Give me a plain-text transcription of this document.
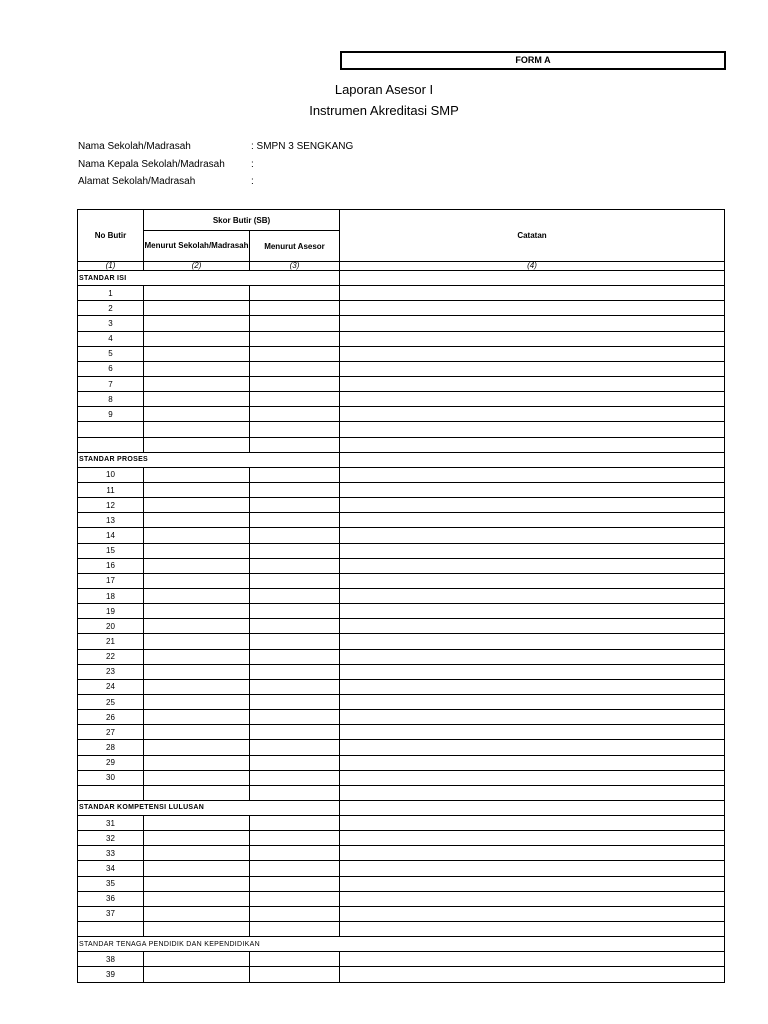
FORM A
Laporan Asesor I
Instrumen Akreditasi SMP
Nama Sekolah/Madrasah	: SMPN 3 SENGKANG
Nama Kepala Sekolah/Madrasah	:
Alamat Sekolah/Madrasah	:
No Butir	Skor Butir (SB)		Catatan
	Menurut Sekolah/Madrasah	Menurut Asesor	
(1)	(2)	(3)	(4)
STANDAR ISI			
1			
2			
3			
4			
5			
6			
7			
8			
9			

STANDAR PROSES			
10			
11			
12			
13			
14			
15			
16			
17			
18			
19			
20			
21			
22			
23			
24			
25			
26			
27			
28			
29			
30			

STANDAR KOMPETENSI LULUSAN			
31			
32			
33			
34			
35			
36			
37			

STANDAR TENAGA PENDIDIK DAN KEPENDIDIKAN			
38			
39			
